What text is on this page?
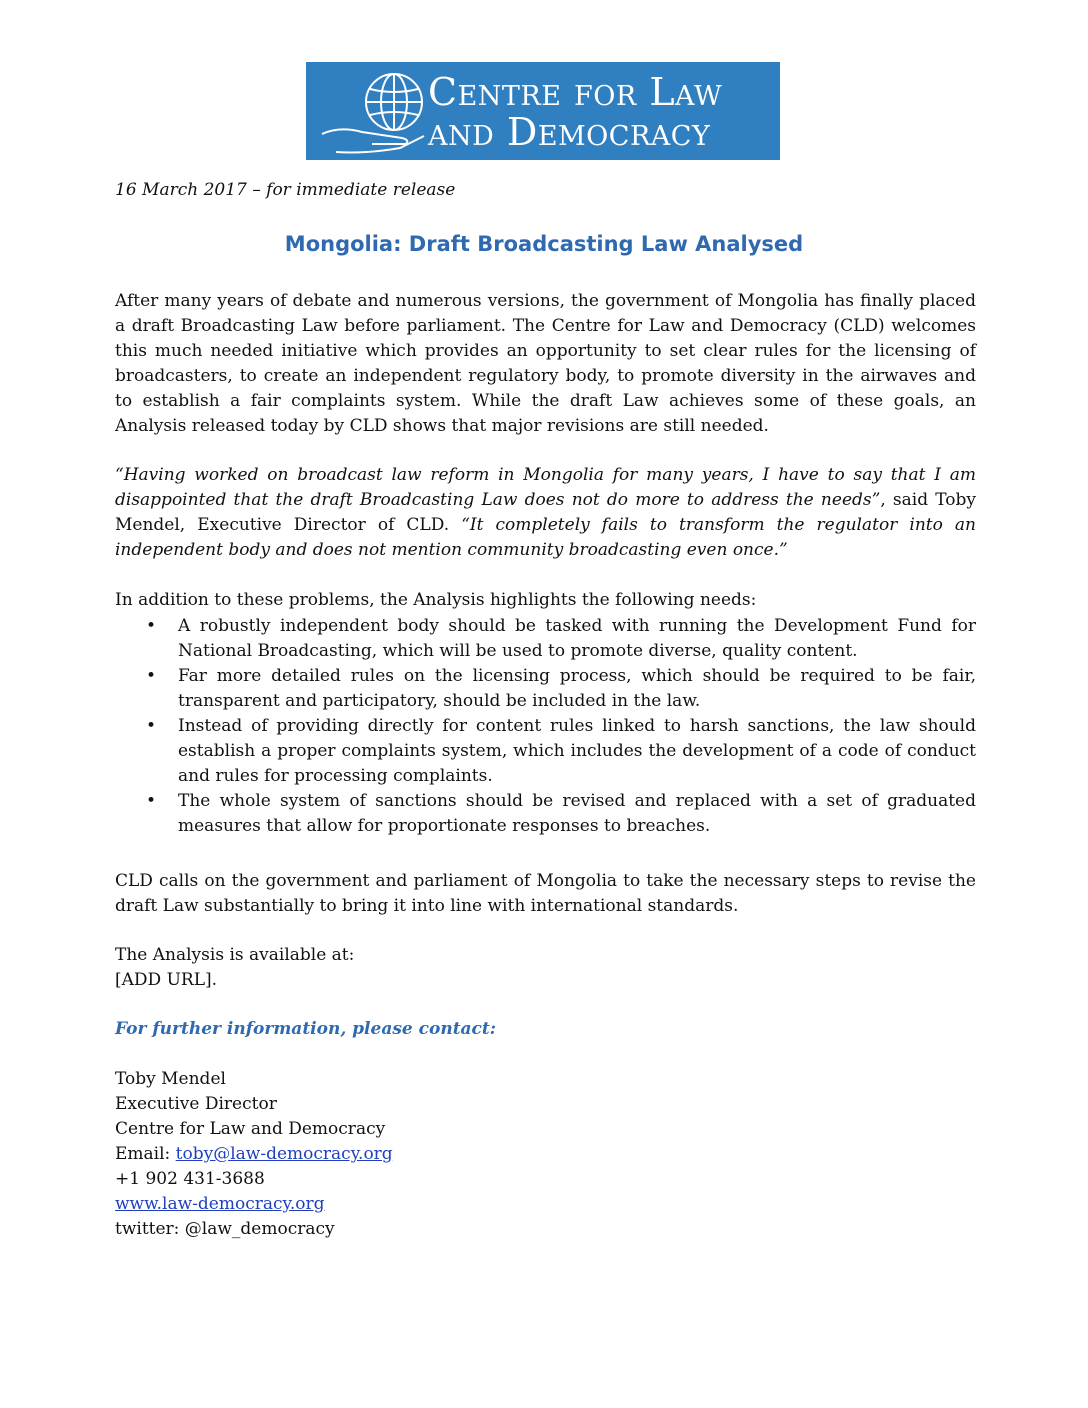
Centre for Law
and Democracy
16 March 2017 – for immediate release
Mongolia: Draft Broadcasting Law Analysed
After many years of debate and numerous versions, the government of Mongolia has finally placed a draft Broadcasting Law before parliament. The Centre for Law and Democracy (CLD) welcomes this much needed initiative which provides an opportunity to set clear rules for the licensing of broadcasters, to create an independent regulatory body, to promote diversity in the airwaves and to establish a fair complaints system. While the draft Law achieves some of these goals, an Analysis released today by CLD shows that major revisions are still needed.
“Having worked on broadcast law reform in Mongolia for many years, I have to say that I am disappointed that the draft Broadcasting Law does not do more to address the needs”, said Toby Mendel, Executive Director of CLD. “It completely fails to transform the regulator into an independent body and does not mention community broadcasting even once.”
In addition to these problems, the Analysis highlights the following needs:
• A robustly independent body should be tasked with running the Development Fund for National Broadcasting, which will be used to promote diverse, quality content.
• Far more detailed rules on the licensing process, which should be required to be fair, transparent and participatory, should be included in the law.
• Instead of providing directly for content rules linked to harsh sanctions, the law should establish a proper complaints system, which includes the development of a code of conduct and rules for processing complaints.
• The whole system of sanctions should be revised and replaced with a set of graduated measures that allow for proportionate responses to breaches.
CLD calls on the government and parliament of Mongolia to take the necessary steps to revise the draft Law substantially to bring it into line with international standards.
The Analysis is available at:
[ADD URL].
For further information, please contact:
Toby Mendel
Executive Director
Centre for Law and Democracy
Email: toby@law-democracy.org
+1 902 431-3688
www.law-democracy.org
twitter: @law_democracy
